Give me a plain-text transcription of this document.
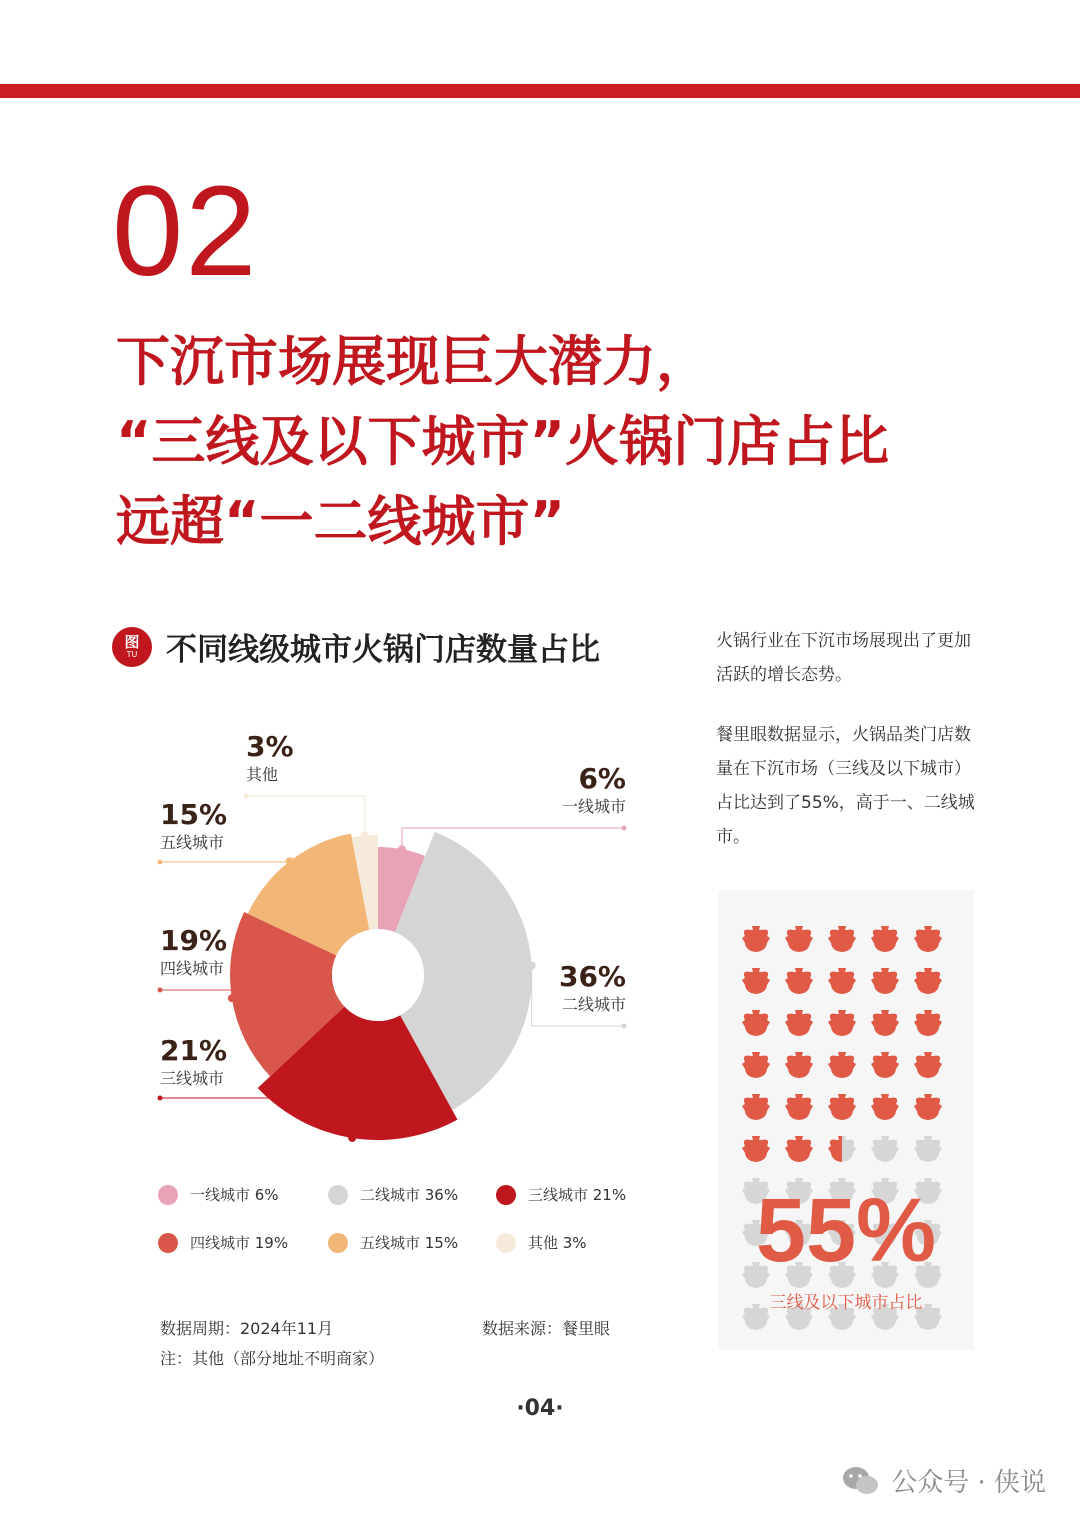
02
下沉市场展现巨大潜力，
“三线及以下城市”火锅门店占比
远超“一二线城市”
图
TU 不同线级城市火锅门店数量占比	火锅行业在下沉市场展现出了更加活跃的增长态势。
餐里眼数据显示，火锅品类门店数量在下沉市场（三线及以下城市）占比达到了55%，高于一、二线城市。
3%
其他	6%
一线城市
15%
五线城市
19%
四线城市	36%
二线城市
21%
三线城市
一线城市 6%	二线城市 36%	三线城市 21%
四线城市 19%	五线城市 15%	其他 3%
数据周期：2024年11月	数据来源：餐里眼
注：其他（部分地址不明商家）
55%
三线及以下城市占比
·04·
公众号 · 侠说
